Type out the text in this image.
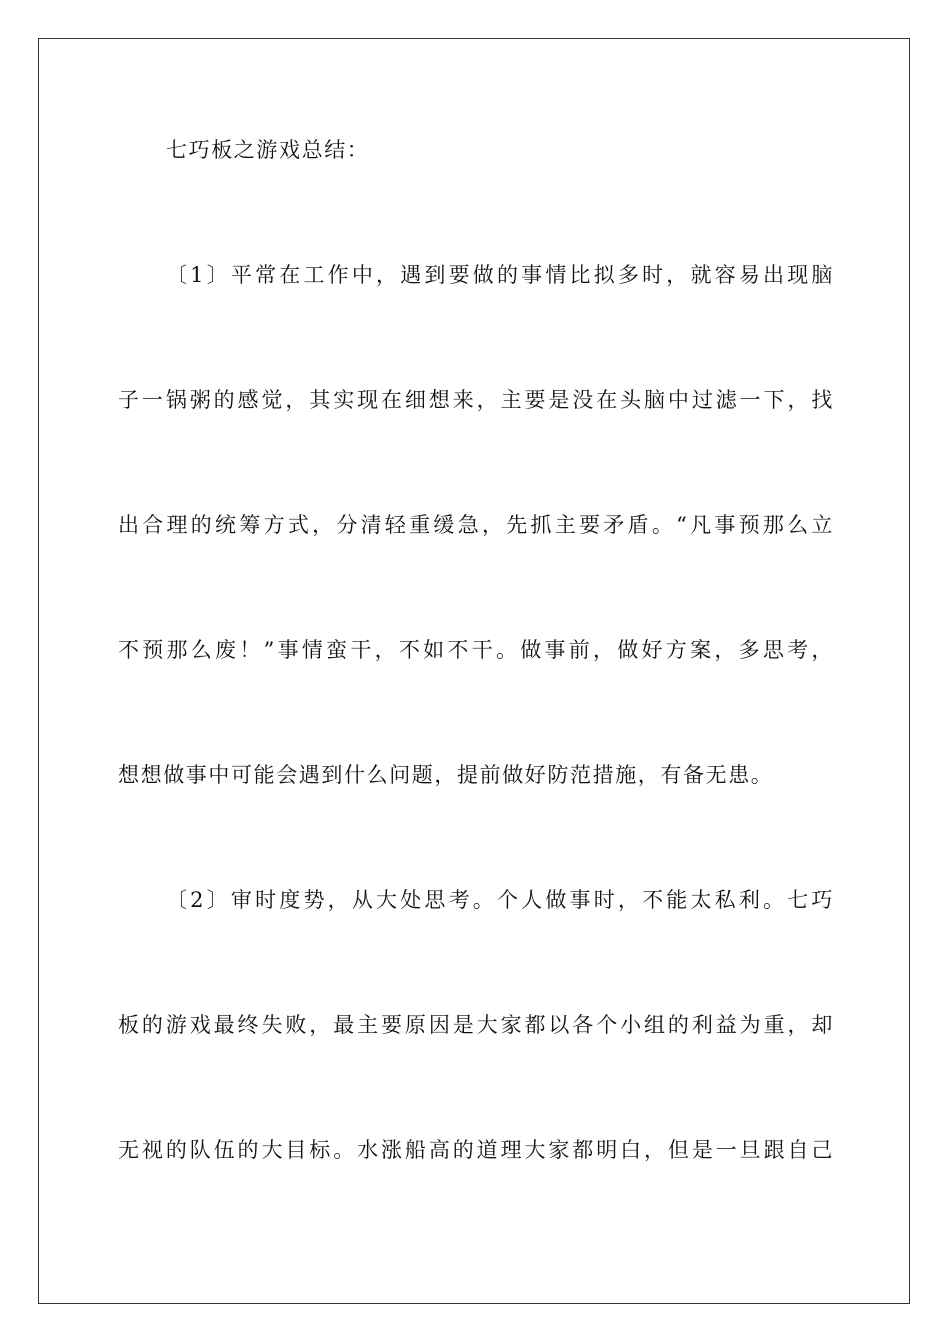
七巧板之游戏总结：
〔1〕平常在工作中，遇到要做的事情比拟多时，就容易出现脑
子一锅粥的感觉，其实现在细想来，主要是没在头脑中过滤一下，找
出合理的统筹方式，分清轻重缓急，先抓主要矛盾。“凡事预那么立
不预那么废！”事情蛮干，不如不干。做事前，做好方案，多思考，
想想做事中可能会遇到什么问题，提前做好防范措施，有备无患。
〔2〕审时度势，从大处思考。个人做事时，不能太私利。七巧
板的游戏最终失败，最主要原因是大家都以各个小组的利益为重，却
无视的队伍的大目标。水涨船高的道理大家都明白，但是一旦跟自己
